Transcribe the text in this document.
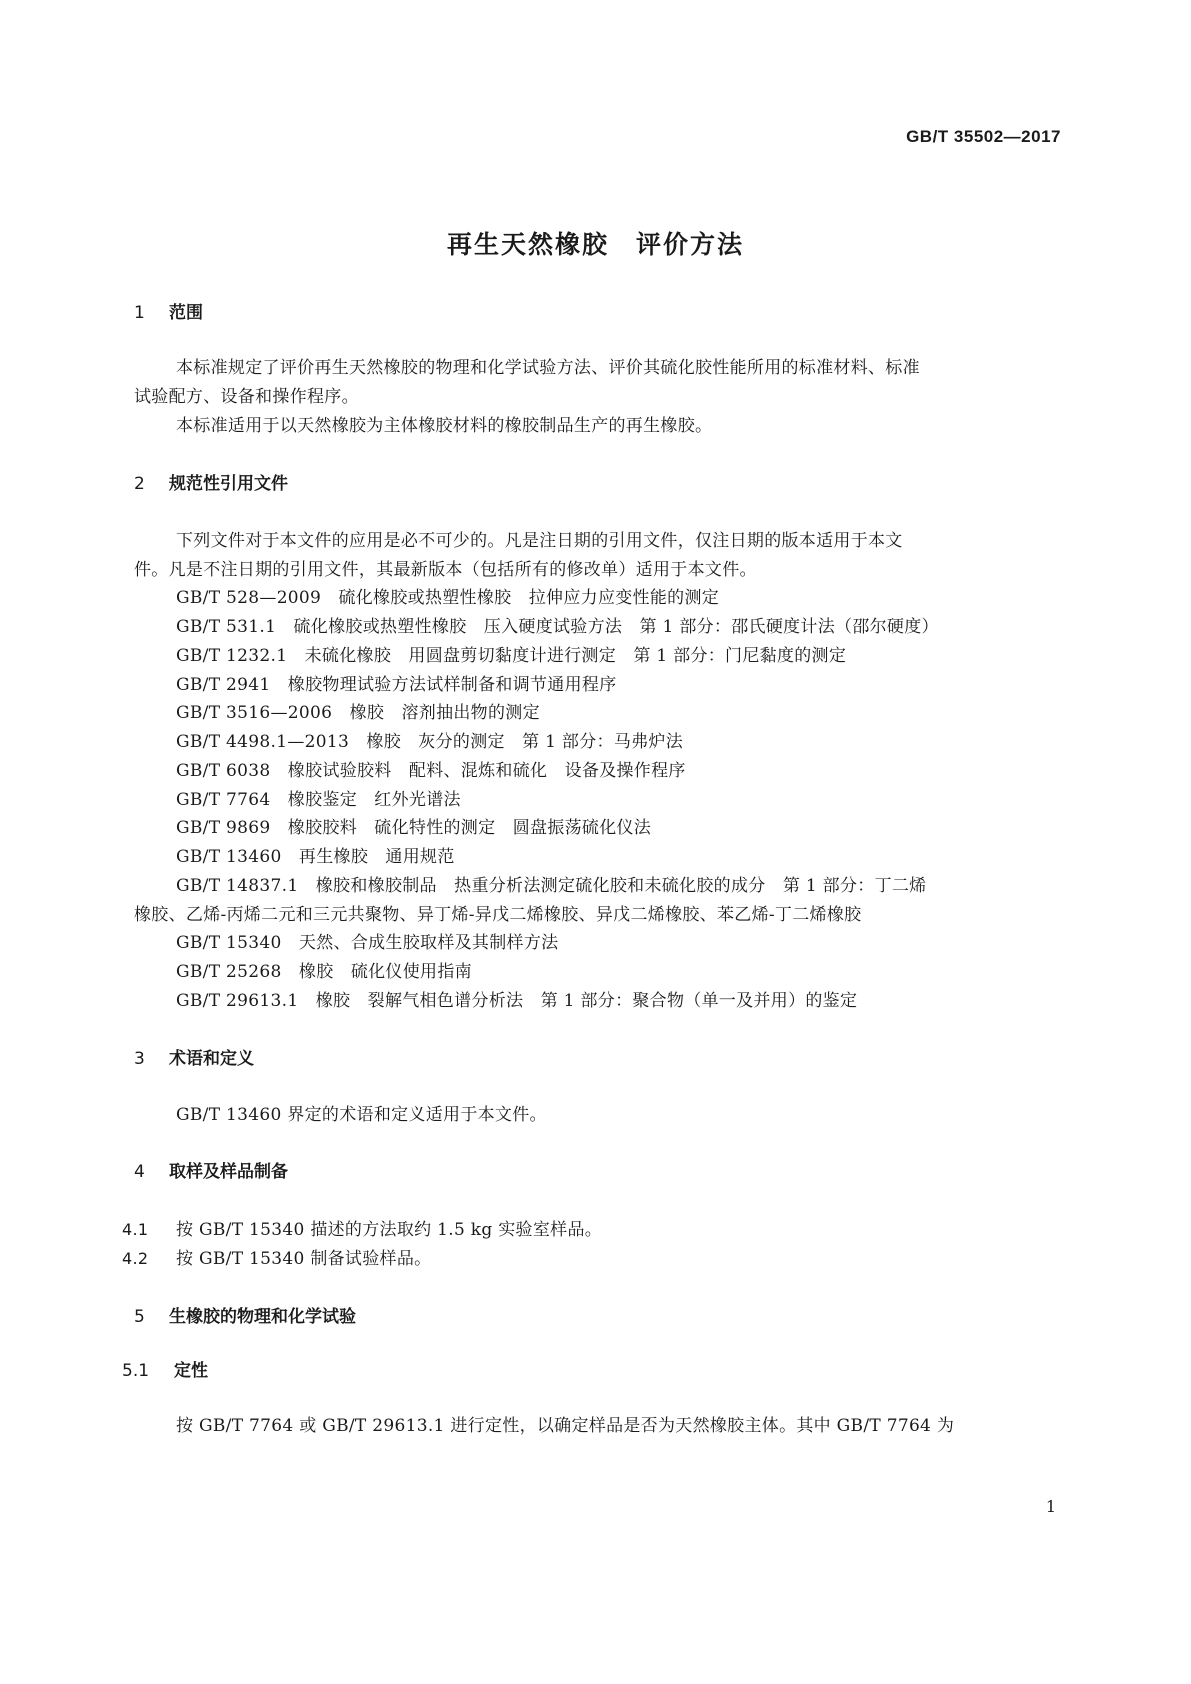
GB/T 35502—2017
再生天然橡胶　评价方法
1 范围
本标准规定了评价再生天然橡胶的物理和化学试验方法、评价其硫化胶性能所用的标准材料、标准
试验配方、设备和操作程序。
本标准适用于以天然橡胶为主体橡胶材料的橡胶制品生产的再生橡胶。
2 规范性引用文件
下列文件对于本文件的应用是必不可少的。凡是注日期的引用文件，仅注日期的版本适用于本文
件。凡是不注日期的引用文件，其最新版本（包括所有的修改单）适用于本文件。
GB/T 528—2009　硫化橡胶或热塑性橡胶　拉伸应力应变性能的测定
GB/T 531.1　硫化橡胶或热塑性橡胶　压入硬度试验方法　第 1 部分：邵氏硬度计法（邵尔硬度）
GB/T 1232.1　未硫化橡胶　用圆盘剪切黏度计进行测定　第 1 部分：门尼黏度的测定
GB/T 2941　橡胶物理试验方法试样制备和调节通用程序
GB/T 3516—2006　橡胶　溶剂抽出物的测定
GB/T 4498.1—2013　橡胶　灰分的测定　第 1 部分：马弗炉法
GB/T 6038　橡胶试验胶料　配料、混炼和硫化　设备及操作程序
GB/T 7764　橡胶鉴定　红外光谱法
GB/T 9869　橡胶胶料　硫化特性的测定　圆盘振荡硫化仪法
GB/T 13460　再生橡胶　通用规范
GB/T 14837.1　橡胶和橡胶制品　热重分析法测定硫化胶和未硫化胶的成分　第 1 部分：丁二烯
橡胶、乙烯-丙烯二元和三元共聚物、异丁烯-异戊二烯橡胶、异戊二烯橡胶、苯乙烯-丁二烯橡胶
GB/T 15340　天然、合成生胶取样及其制样方法
GB/T 25268　橡胶　硫化仪使用指南
GB/T 29613.1　橡胶　裂解气相色谱分析法　第 1 部分：聚合物（单一及并用）的鉴定
3 术语和定义
GB/T 13460 界定的术语和定义适用于本文件。
4 取样及样品制备
4.1 按 GB/T 15340 描述的方法取约 1.5 kg 实验室样品。
4.2 按 GB/T 15340 制备试验样品。
5 生橡胶的物理和化学试验
5.1 定性
按 GB/T 7764 或 GB/T 29613.1 进行定性，以确定样品是否为天然橡胶主体。其中 GB/T 7764 为
1
